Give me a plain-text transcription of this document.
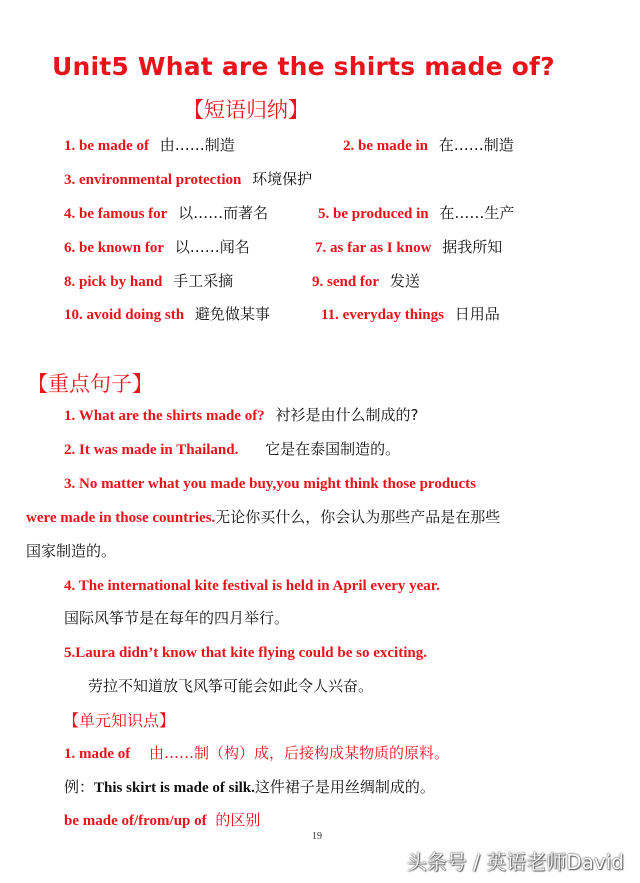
Unit5 What are the shirts made of?
【短语归纳】
1. be made of 由……制造	2. be made in 在……制造
3. environmental protection 环境保护
4. be famous for 以……而著名	5. be produced in 在……生产
6. be known for 以……闻名	7. as far as I know 据我所知
8. pick by hand 手工采摘	9. send for 发送
10. avoid doing sth 避免做某事	11. everyday things 日用品
【重点句子】
1. What are the shirts made of? 衬衫是由什么制成的?
2. It was made in Thailand. 它是在泰国制造的。
3. No matter what you made buy,you might think those products
were made in those countries.无论你买什么，你会认为那些产品是在那些
国家制造的。
4. The international kite festival is held in April every year.
国际风筝节是在每年的四月举行。
5.Laura didn’t know that kite flying could be so exciting.
劳拉不知道放飞风筝可能会如此令人兴奋。
【单元知识点】
1. made of 由……制（构）成，后接构成某物质的原料。
例：This skirt is made of silk.这件裙子是用丝绸制成的。
be made of/from/up of 的区别
19
头条号 / 英语老师David
